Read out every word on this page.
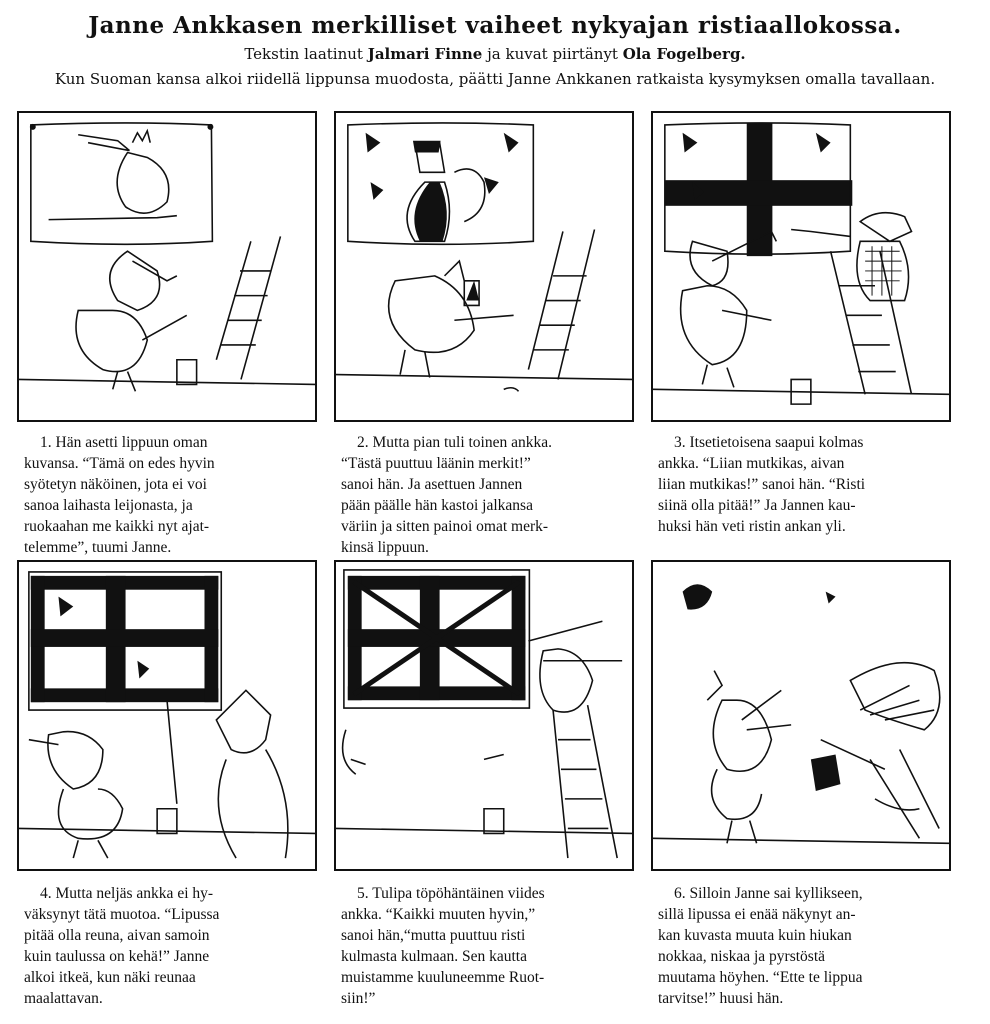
Janne Ankkasen merkilliset vaiheet nykyajan ristiaallokossa.
Tekstin laatinut Jalmari Finne ja kuvat piirtänyt Ola Fogelberg.
Kun Suoman kansa alkoi riidellä lippunsa muodosta, päätti Janne Ankkanen ratkaista kysymyksen omalla tavallaan.

1. Hän asetti lippuun oman
kuvansa. “Tämä on edes hyvin
syötetyn näköinen, jota ei voi
sanoa laihasta leijonasta, ja
ruokaahan me kaikki nyt ajat-
telemme”, tuumi Janne.

2. Mutta pian tuli toinen ankka.
“Tästä puuttuu läänin merkit!”
sanoi hän. Ja asettuen Jannen
pään päälle hän kastoi jalkansa
väriin ja sitten painoi omat merk-
kinsä lippuun.

3. Itsetietoisena saapui kolmas
ankka. “Liian mutkikas, aivan
liian mutkikas!” sanoi hän. “Risti
siinä olla pitää!” Ja Jannen kau-
huksi hän veti ristin ankan yli.

4. Mutta neljäs ankka ei hy-
väksynyt tätä muotoa. “Lipussa
pitää olla reuna, aivan samoin
kuin taulussa on kehä!” Janne
alkoi itkeä, kun näki reunaa
maalattavan.

5. Tulipa töpöhäntäinen viides
ankka. “Kaikki muuten hyvin,”
sanoi hän,“mutta puuttuu risti
kulmasta kulmaan. Sen kautta
muistamme kuuluneemme Ruot-
siin!”

6. Silloin Janne sai kyllikseen,
sillä lipussa ei enää näkynyt an-
kan kuvasta muuta kuin hiukan
nokkaa, niskaa ja pyrstöstä
muutama höyhen. “Ette te lippua
tarvitse!” huusi hän.
